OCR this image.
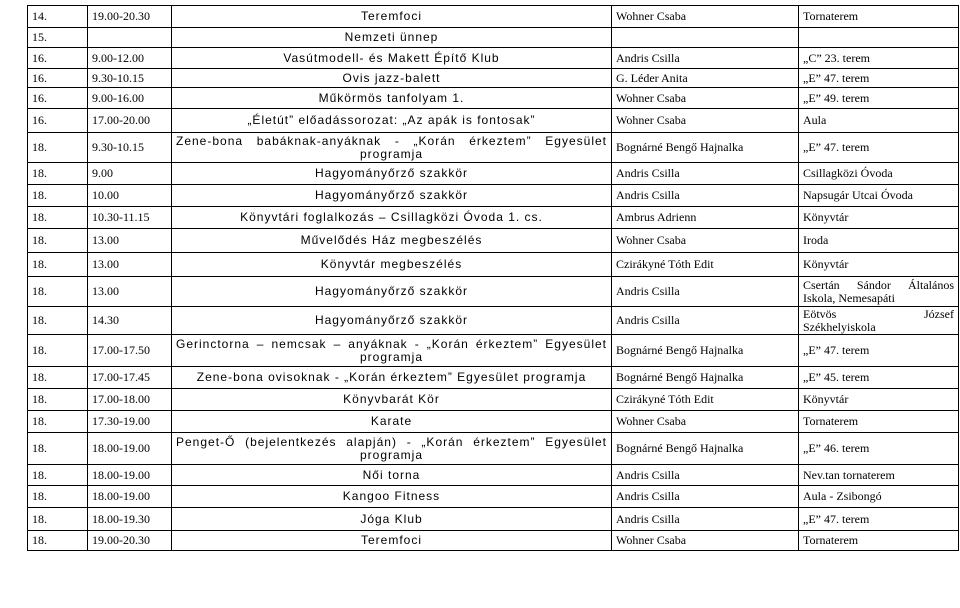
14.	19.00-20.30	Teremfoci	Wohner Csaba	Tornaterem

15.		Nemzeti ünnep		

16.	9.00-12.00	Vasútmodell- és Makett Építő Klub	Andris Csilla	„C” 23. terem

16.	9.30-10.15	Ovis jazz-balett	G. Léder Anita	„E” 47. terem

16.	9.00-16.00	Műkörmös tanfolyam 1.	Wohner Csaba	„E” 49. terem

16.	17.00-20.00	„Életút” előadássorozat: „Az apák is fontosak”	Wohner Csaba	Aula

18.	9.30-10.15	Zene-bona babáknak-anyáknak - „Korán érkeztem” Egyesület
programja	Bognárné Bengő Hajnalka	„E” 47. terem

18.	9.00	Hagyományőrző szakkör	Andris Csilla	Csillagközi Óvoda

18.	10.00	Hagyományőrző szakkör	Andris Csilla	Napsugár Utcai Óvoda

18.	10.30-11.15	Könyvtári foglalkozás – Csillagközi Óvoda 1. cs.	Ambrus Adrienn	Könyvtár

18.	13.00	Művelődés Ház megbeszélés	Wohner Csaba	Iroda

18.	13.00	Könyvtár megbeszélés	Czirákyné Tóth Edit	Könyvtár

18.	13.00	Hagyományőrző szakkör	Andris Csilla	Csertán Sándor Általános
Iskola, Nemesapáti

18.	14.30	Hagyományőrző szakkör	Andris Csilla	Eötvös József
Székhelyiskola

18.	17.00-17.50	Gerinctorna – nemcsak – anyáknak - „Korán érkeztem” Egyesület
programja	Bognárné Bengő Hajnalka	„E” 47. terem

18.	17.00-17.45	Zene-bona ovisoknak - „Korán érkeztem” Egyesület programja	Bognárné Bengő Hajnalka	„E” 45. terem

18.	17.00-18.00	Könyvbarát Kör	Czirákyné Tóth Edit	Könyvtár

18.	17.30-19.00	Karate	Wohner Csaba	Tornaterem

18.	18.00-19.00	Penget-Ő (bejelentkezés alapján) - „Korán érkeztem” Egyesület
programja	Bognárné Bengő Hajnalka	„E” 46. terem

18.	18.00-19.00	Női torna	Andris Csilla	Nev.tan tornaterem

18.	18.00-19.00	Kangoo Fitness	Andris Csilla	Aula - Zsibongó

18.	18.00-19.30	Jóga Klub	Andris Csilla	„E” 47. terem

18.	19.00-20.30	Teremfoci	Wohner Csaba	Tornaterem
